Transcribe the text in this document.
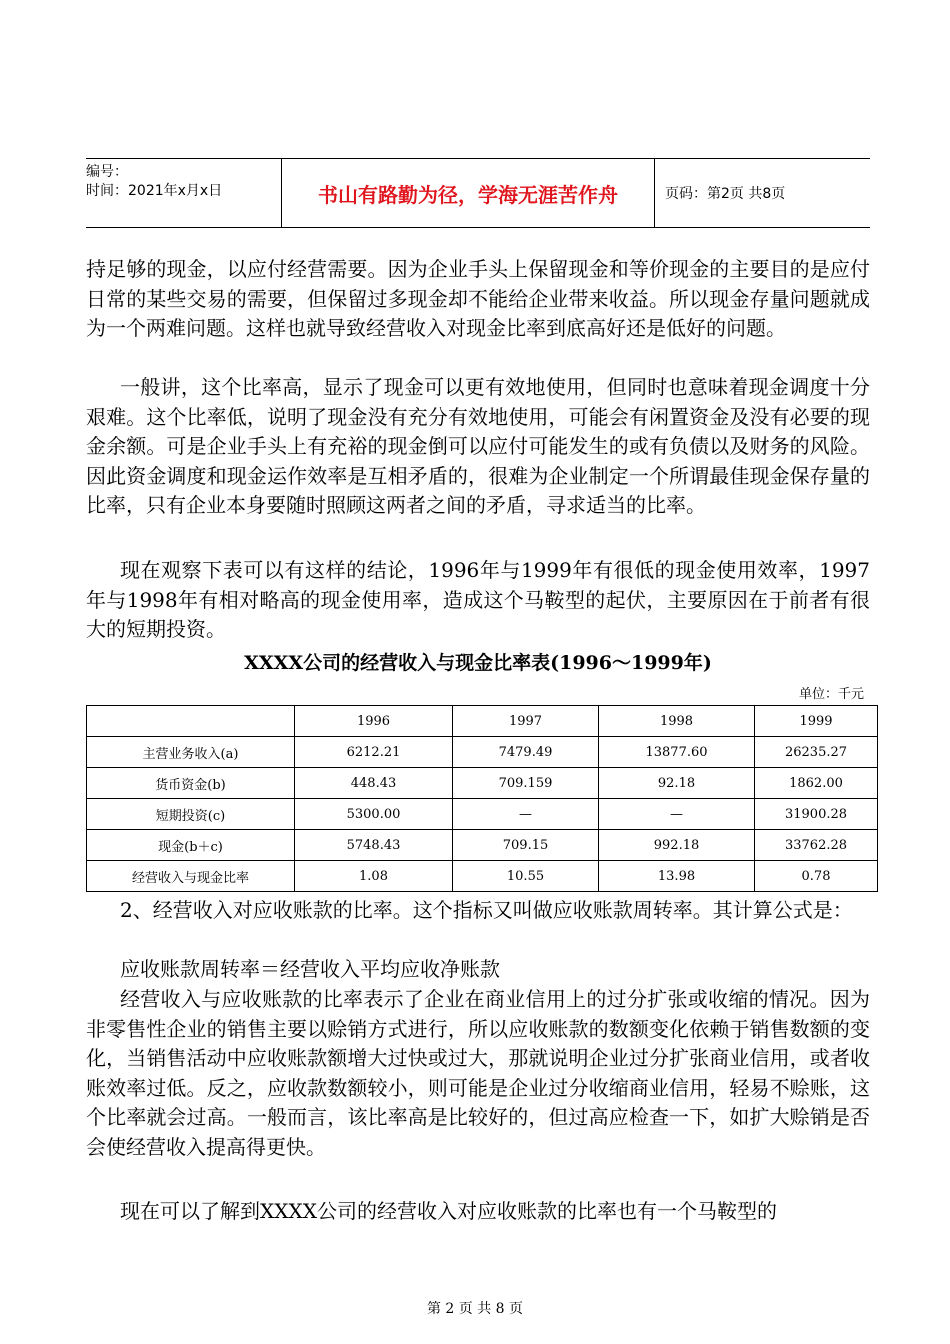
编号：
时间：2021年x月x日	书山有路勤为径，学海无涯苦作舟	页码：第2页 共8页

持足够的现金，以应付经营需要。因为企业手头上保留现金和等价现金的主要目的是应付日常的某些交易的需要，但保留过多现金却不能给企业带来收益。所以现金存量问题就成为一个两难问题。这样也就导致经营收入对现金比率到底高好还是低好的问题。

一般讲，这个比率高，显示了现金可以更有效地使用，但同时也意味着现金调度十分艰难。这个比率低，说明了现金没有充分有效地使用，可能会有闲置资金及没有必要的现金余额。可是企业手头上有充裕的现金倒可以应付可能发生的或有负债以及财务的风险。因此资金调度和现金运作效率是互相矛盾的，很难为企业制定一个所谓最佳现金保存量的比率，只有企业本身要随时照顾这两者之间的矛盾，寻求适当的比率。

现在观察下表可以有这样的结论，1996年与1999年有很低的现金使用效率，1997年与1998年有相对略高的现金使用率，造成这个马鞍型的起伏，主要原因在于前者有很大的短期投资。

XXXX公司的经营收入与现金比率表(1996～1999年)
单位：千元
	1996	1997	1998	1999
主营业务收入(a)	6212.21	7479.49	13877.60	26235.27
货币资金(b)	448.43	709.159	92.18	1862.00
短期投资(c)	5300.00	—	—	31900.28
现金(b＋c)	5748.43	709.15	992.18	33762.28
经营收入与现金比率	1.08	10.55	13.98	0.78

2、经营收入对应收账款的比率。这个指标又叫做应收账款周转率。其计算公式是：

应收账款周转率＝经营收入平均应收净账款

经营收入与应收账款的比率表示了企业在商业信用上的过分扩张或收缩的情况。因为非零售性企业的销售主要以赊销方式进行，所以应收账款的数额变化依赖于销售数额的变化，当销售活动中应收账款额增大过快或过大，那就说明企业过分扩张商业信用，或者收账效率过低。反之，应收款数额较小，则可能是企业过分收缩商业信用，轻易不赊账，这个比率就会过高。一般而言，该比率高是比较好的，但过高应检查一下，如扩大赊销是否会使经营收入提高得更快。

现在可以了解到XXXX公司的经营收入对应收账款的比率也有一个马鞍型的

第 2 页 共 8 页
